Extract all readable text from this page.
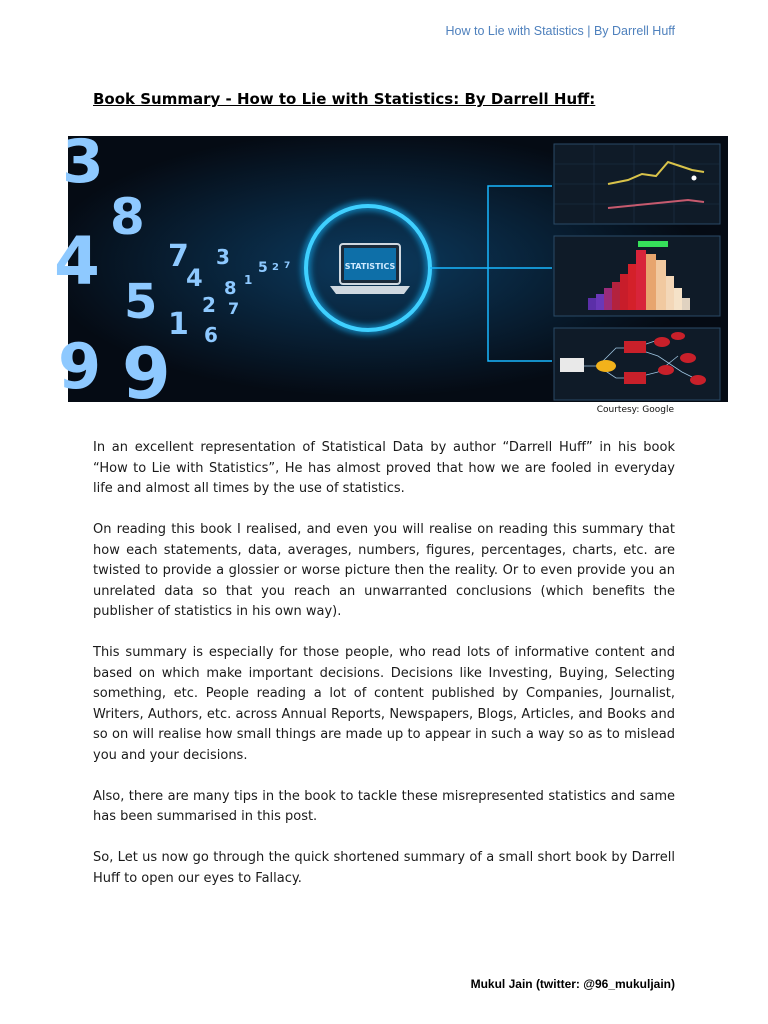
How to Lie with Statistics | By Darrell Huff
Book Summary - How to Lie with Statistics: By Darrell Huff:
3
8
4 7
5
3
4 8 1
2 7
6
1
5
9
9
2 7	STATISTICS
Courtesy: Google

In an excellent representation of Statistical Data by author “Darrell Huff” in his book “How to Lie with Statistics”, He has almost proved that how we are fooled in everyday life and almost all times by the use of statistics.

On reading this book I realised, and even you will realise on reading this summary that how each statements, data, averages, numbers, figures, percentages, charts, etc. are twisted to provide a glossier or worse picture then the reality. Or to even provide you an unrelated data so that you reach an unwarranted conclusions (which benefits the publisher of statistics in his own way).

This summary is especially for those people, who read lots of informative content and based on which make important decisions. Decisions like Investing, Buying, Selecting something, etc. People reading a lot of content published by Companies, Journalist, Writers, Authors, etc. across Annual Reports, Newspapers, Blogs, Articles, and Books and so on will realise how small things are made up to appear in such a way so as to mislead you and your decisions.

Also, there are many tips in the book to tackle these misrepresented statistics and same has been summarised in this post.

So, Let us now go through the quick shortened summary of a small short book by Darrell Huff to open our eyes to Fallacy.

Mukul Jain (twitter: @96_mukuljain)
